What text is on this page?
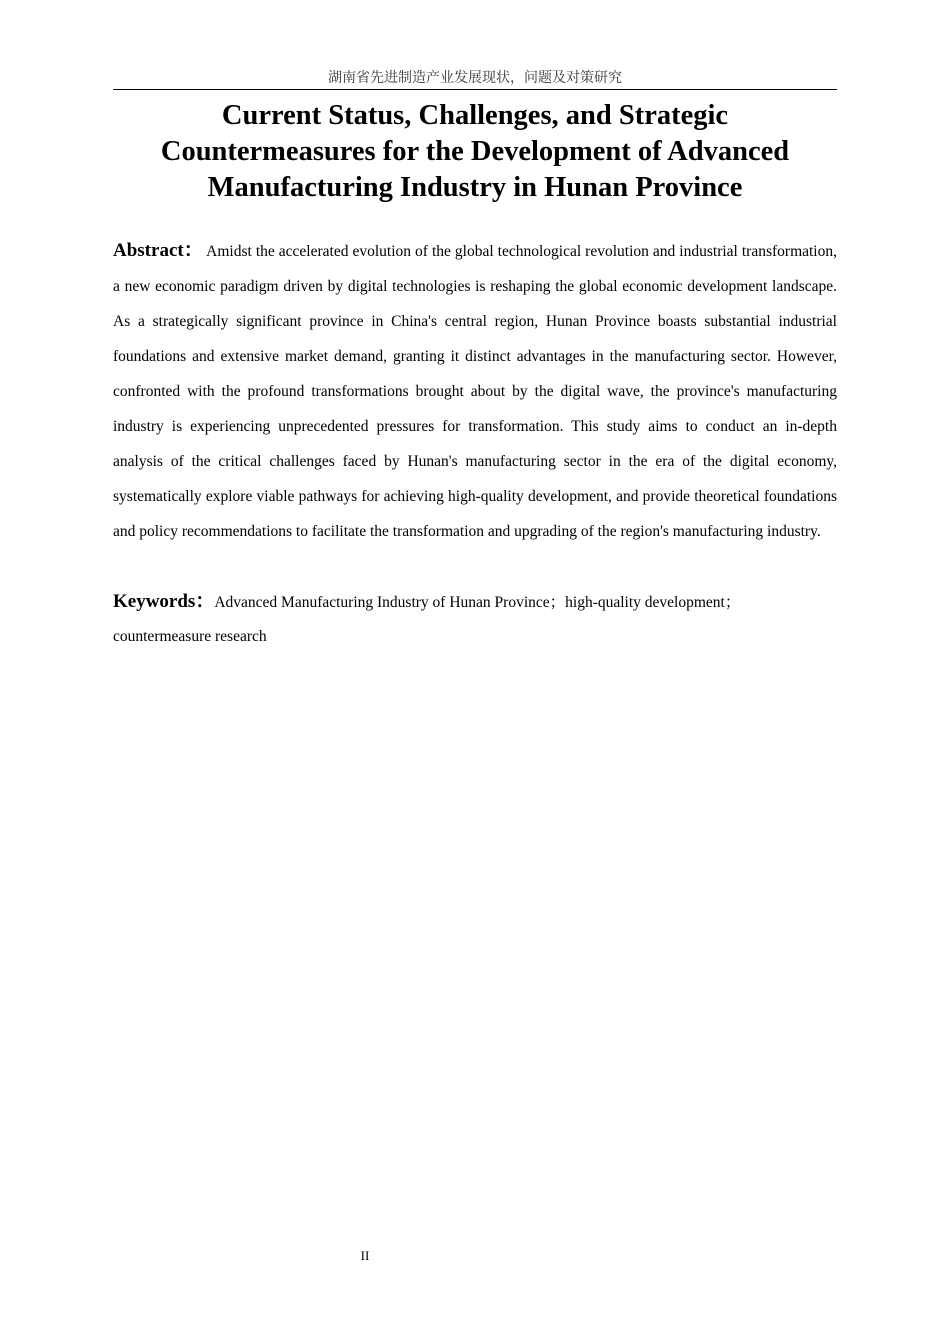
湖南省先进制造产业发展现状，问题及对策研究
Current Status, Challenges, and Strategic Countermeasures for the Development of Advanced Manufacturing Industry in Hunan Province

Abstract： Amidst the accelerated evolution of the global technological revolution and industrial transformation, a new economic paradigm driven by digital technologies is reshaping the global economic development landscape. As a strategically significant province in China's central region, Hunan Province boasts substantial industrial foundations and extensive market demand, granting it distinct advantages in the manufacturing sector. However, confronted with the profound transformations brought about by the digital wave, the province's manufacturing industry is experiencing unprecedented pressures for transformation. This study aims to conduct an in-depth analysis of the critical challenges faced by Hunan's manufacturing sector in the era of the digital economy, systematically explore viable pathways for achieving high-quality development, and provide theoretical foundations and policy recommendations to facilitate the transformation and upgrading of the region's manufacturing industry.

Keywords：Advanced Manufacturing Industry of Hunan Province；high-quality development；
countermeasure research

II
